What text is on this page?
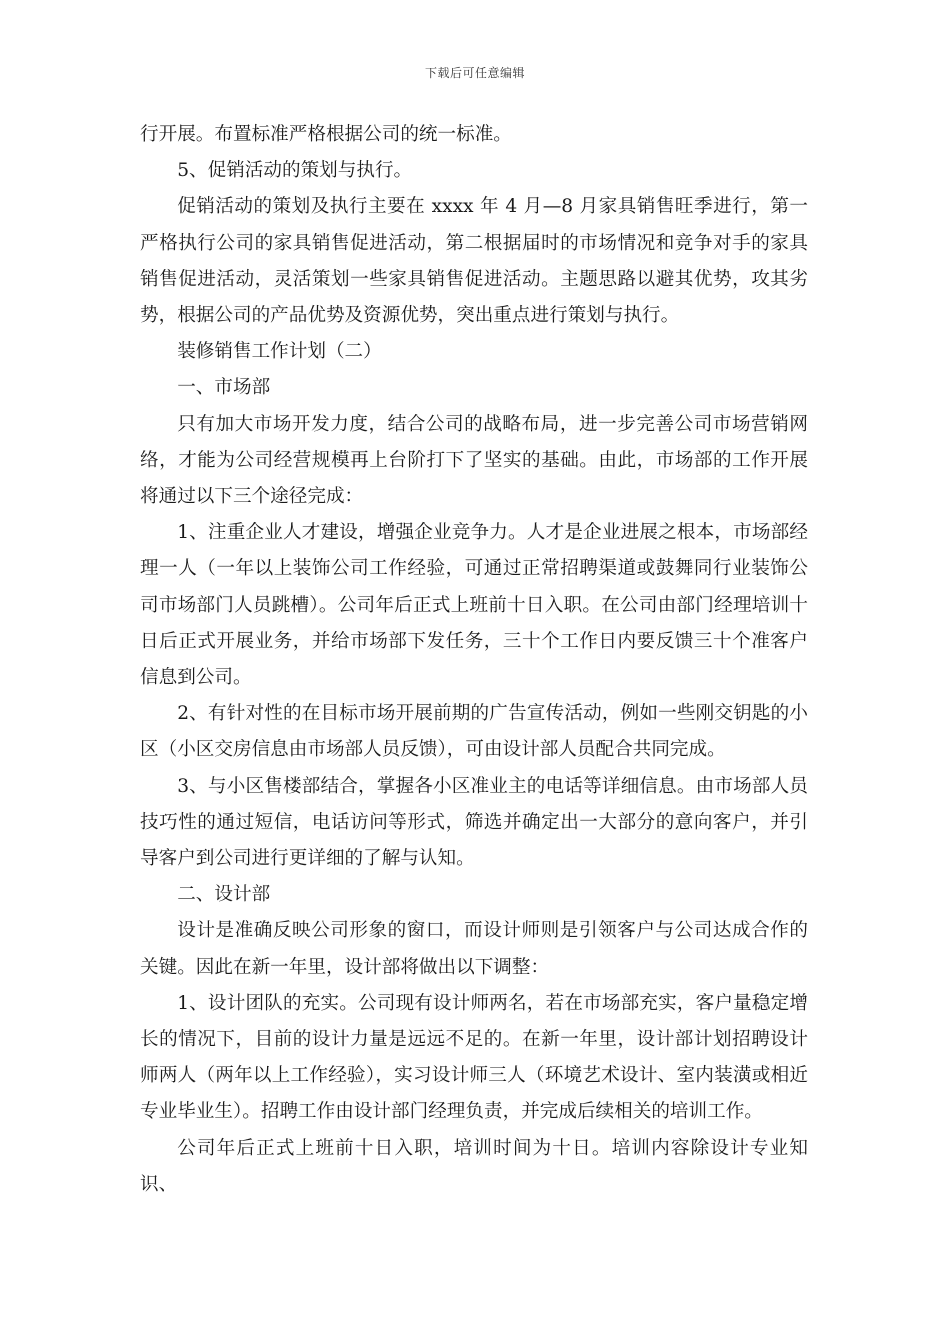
下载后可任意编辑

行开展。布置标准严格根据公司的统一标准。

5、促销活动的策划与执行。

促销活动的策划及执行主要在 xxxx 年 4 月—8 月家具销售旺季进行，第一严格执行公司的家具销售促进活动，第二根据届时的市场情况和竞争对手的家具销售促进活动，灵活策划一些家具销售促进活动。主题思路以避其优势，攻其劣势，根据公司的产品优势及资源优势，突出重点进行策划与执行。

装修销售工作计划（二）

一、市场部

只有加大市场开发力度，结合公司的战略布局，进一步完善公司市场营销网络，才能为公司经营规模再上台阶打下了坚实的基础。由此，市场部的工作开展将通过以下三个途径完成：

1、注重企业人才建设，增强企业竞争力。人才是企业进展之根本，市场部经理一人（一年以上装饰公司工作经验，可通过正常招聘渠道或鼓舞同行业装饰公司市场部门人员跳槽）。公司年后正式上班前十日入职。在公司由部门经理培训十日后正式开展业务，并给市场部下发任务，三十个工作日内要反馈三十个准客户信息到公司。

2、有针对性的在目标市场开展前期的广告宣传活动，例如一些刚交钥匙的小区（小区交房信息由市场部人员反馈），可由设计部人员配合共同完成。

3、与小区售楼部结合，掌握各小区准业主的电话等详细信息。由市场部人员技巧性的通过短信，电话访问等形式，筛选并确定出一大部分的意向客户，并引导客户到公司进行更详细的了解与认知。

二、设计部

设计是准确反映公司形象的窗口，而设计师则是引领客户与公司达成合作的关键。因此在新一年里，设计部将做出以下调整：

1、设计团队的充实。公司现有设计师两名，若在市场部充实，客户量稳定增长的情况下，目前的设计力量是远远不足的。在新一年里，设计部计划招聘设计师两人（两年以上工作经验），实习设计师三人（环境艺术设计、室内装潢或相近专业毕业生）。招聘工作由设计部门经理负责，并完成后续相关的培训工作。

公司年后正式上班前十日入职，培训时间为十日。培训内容除设计专业知识、
